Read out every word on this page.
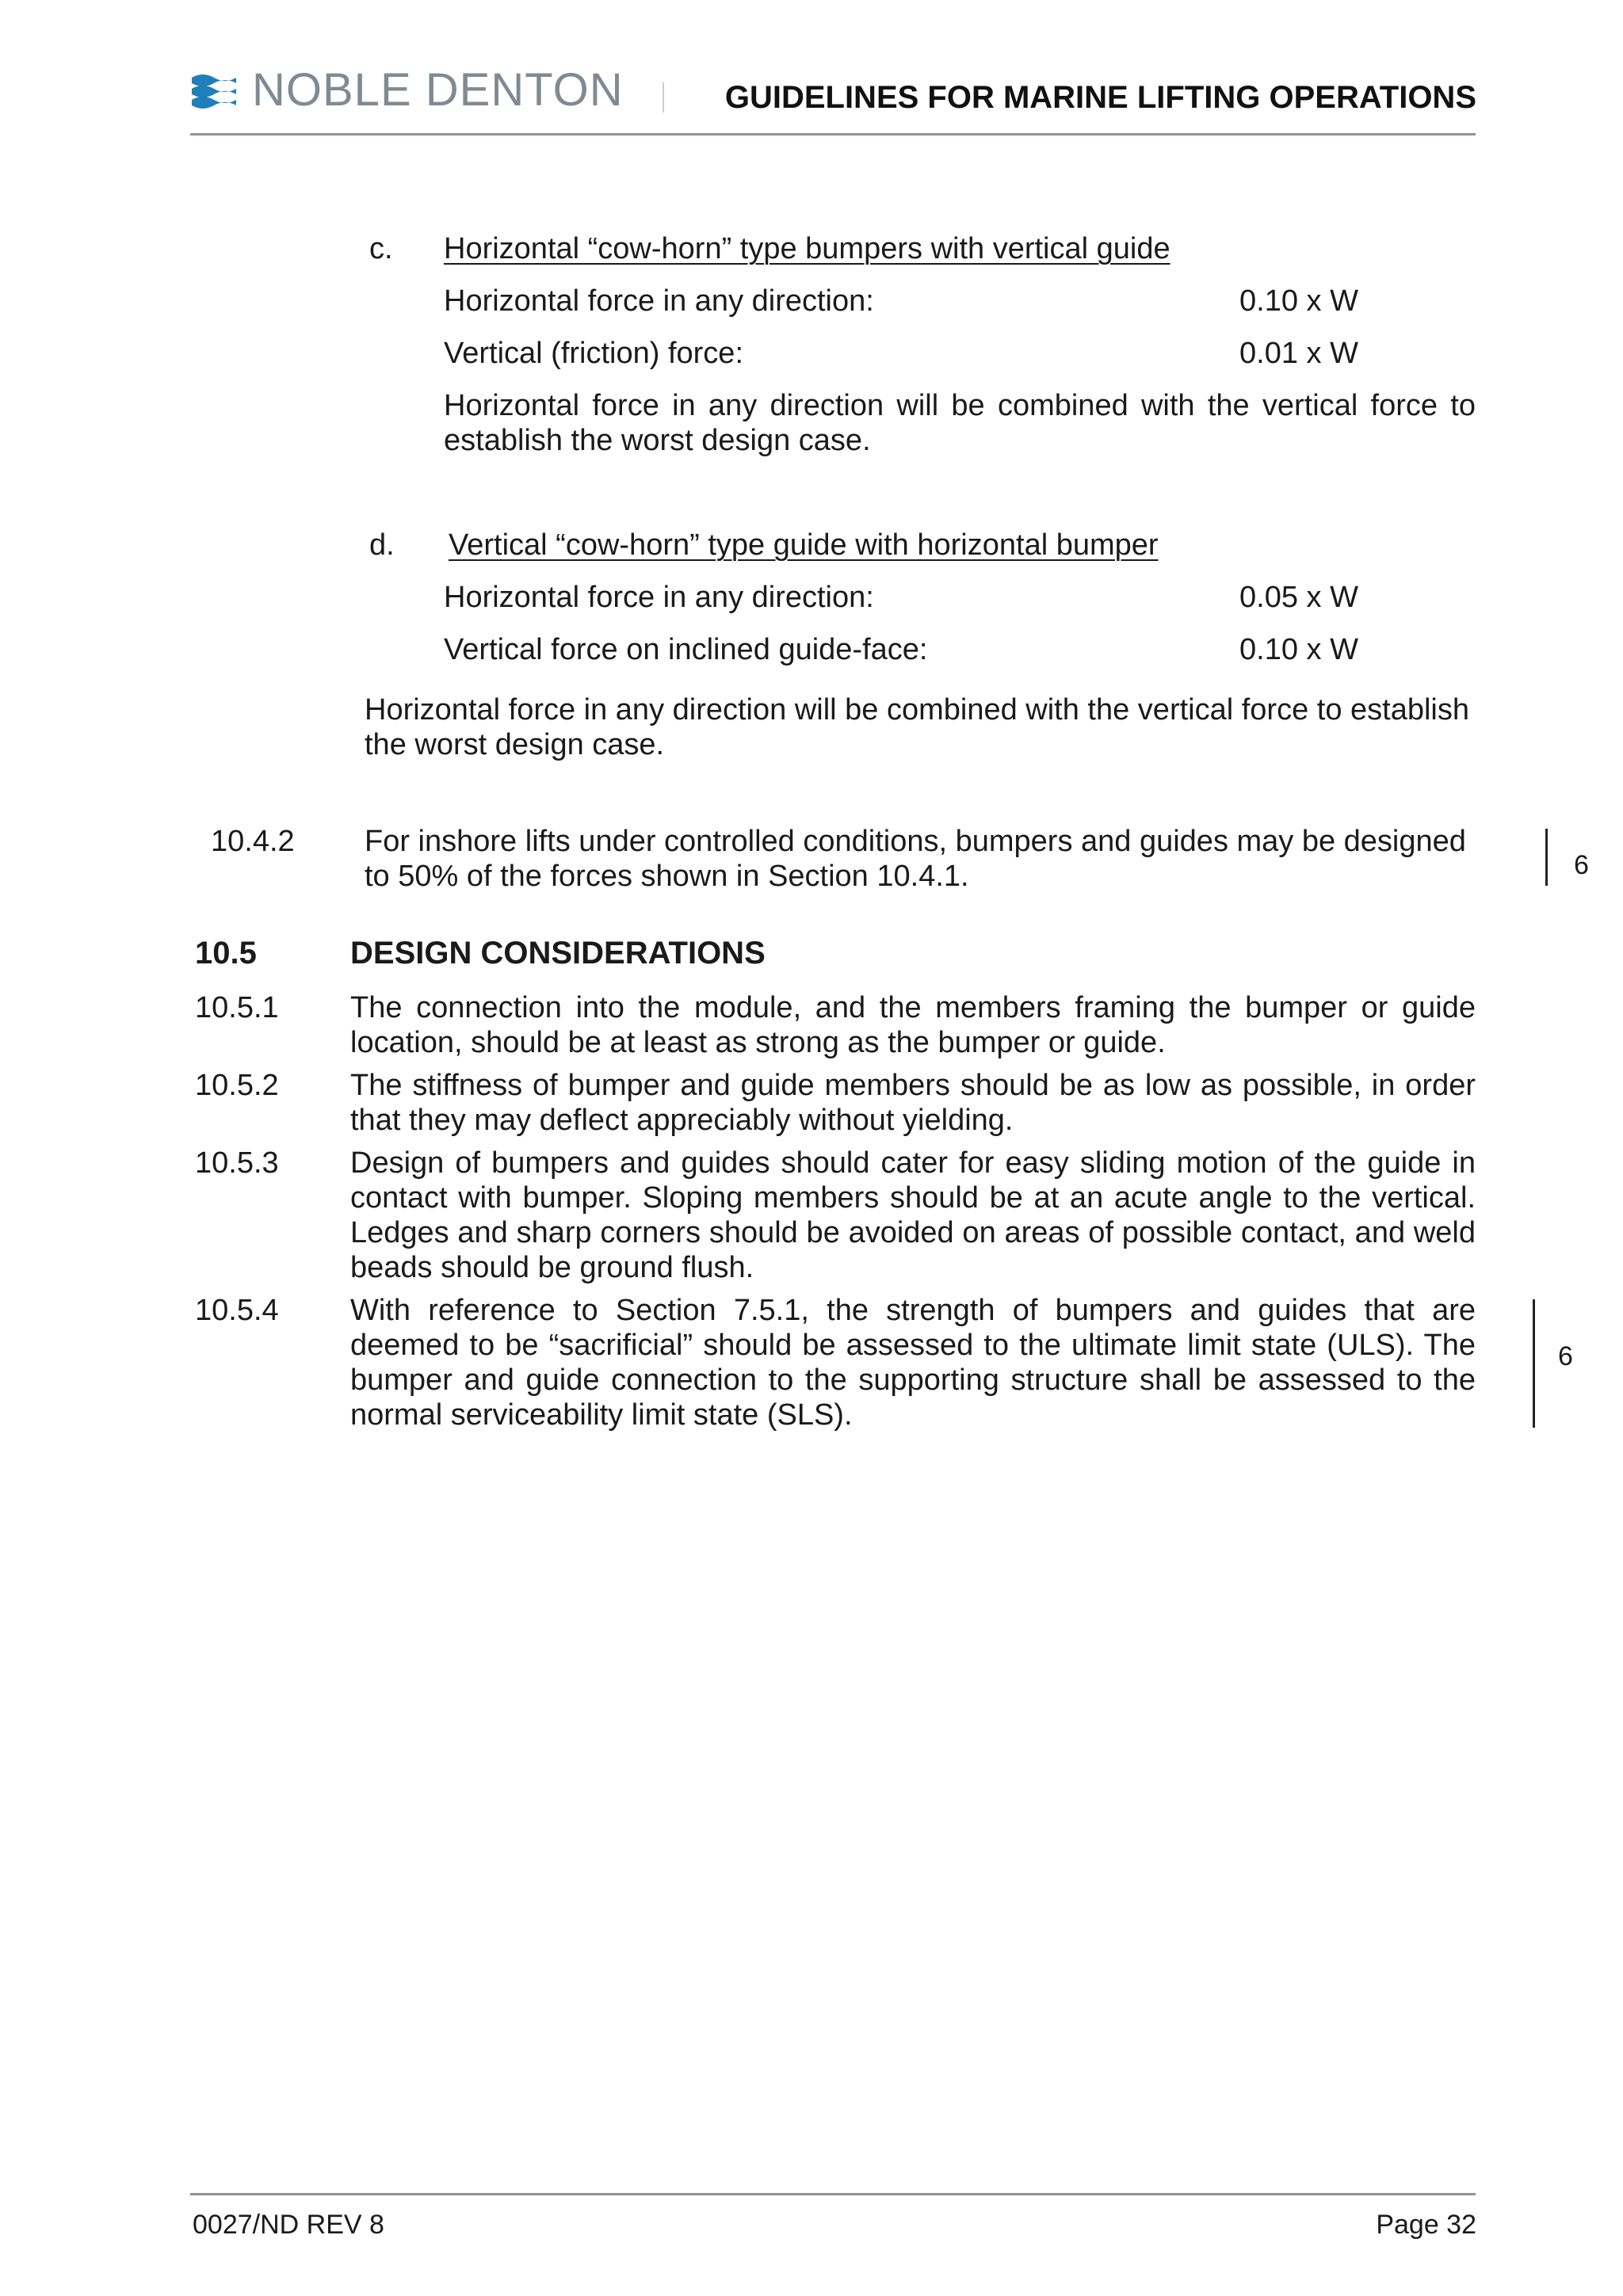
NOBLE DENTON	GUIDELINES FOR MARINE LIFTING OPERATIONS
c. Horizontal “cow-horn” type bumpers with vertical guide
Horizontal force in any direction:	0.10 x W
Vertical (friction) force:	0.01 x W
Horizontal force in any direction will be combined with the vertical force to establish the worst design case.
d. Vertical “cow-horn” type guide with horizontal bumper
Horizontal force in any direction:	0.05 x W
Vertical force on inclined guide-face:	0.10 x W
Horizontal force in any direction will be combined with the vertical force to establish the worst design case.
10.4.2 For inshore lifts under controlled conditions, bumpers and guides may be designed to 50% of the forces shown in Section 10.4.1.	6
10.5	DESIGN CONSIDERATIONS
10.5.1 The connection into the module, and the members framing the bumper or guide location, should be at least as strong as the bumper or guide.
10.5.2 The stiffness of bumper and guide members should be as low as possible, in order that they may deflect appreciably without yielding.
10.5.3 Design of bumpers and guides should cater for easy sliding motion of the guide in contact with bumper. Sloping members should be at an acute angle to the vertical. Ledges and sharp corners should be avoided on areas of possible contact, and weld beads should be ground flush.
10.5.4 With reference to Section 7.5.1, the strength of bumpers and guides that are deemed to be “sacrificial” should be assessed to the ultimate limit state (ULS). The bumper and guide connection to the supporting structure shall be assessed to the normal serviceability limit state (SLS).
6
0027/ND REV 8	Page 32
